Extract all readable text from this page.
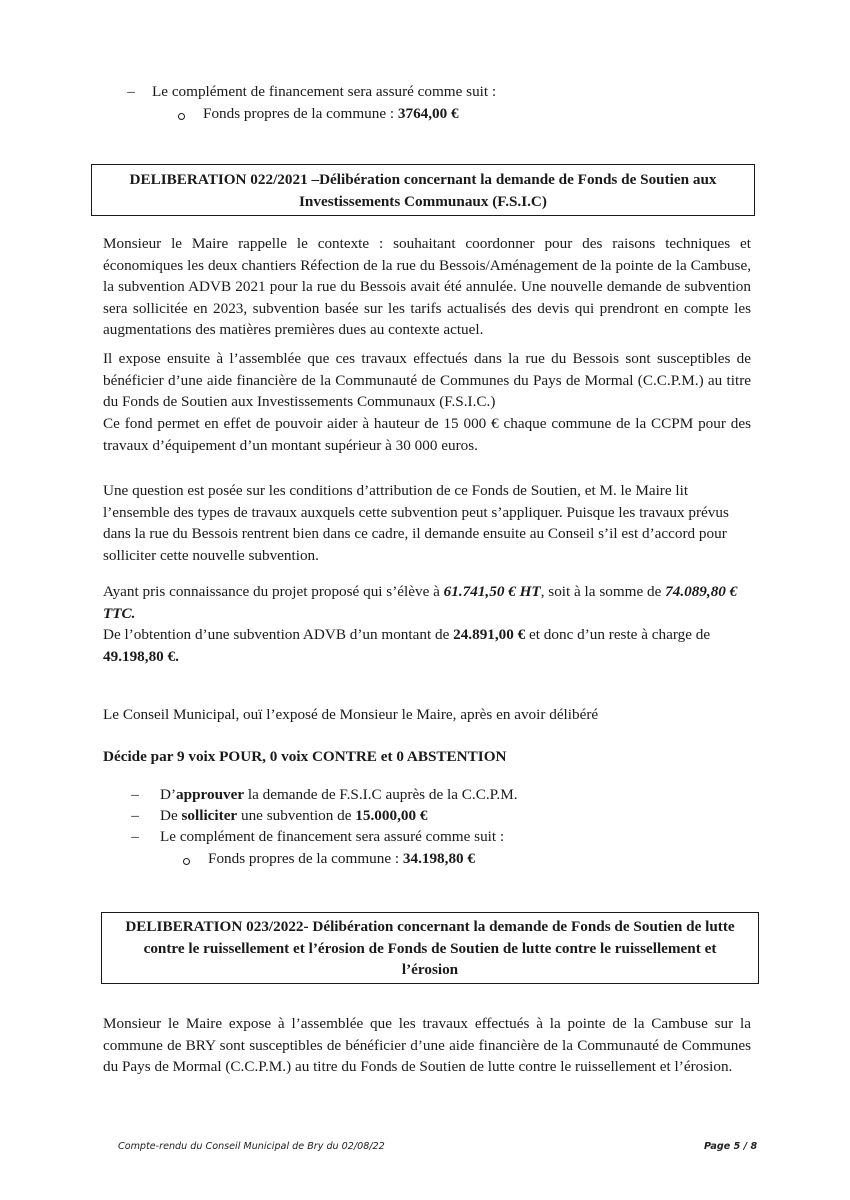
– Le complément de financement sera assuré comme suit :
Fonds propres de la commune : 3764,00 €
DELIBERATION 022/2021 –Délibération concernant la demande de Fonds de Soutien aux
Investissements Communaux (F.S.I.C)
Monsieur le Maire rappelle le contexte : souhaitant coordonner pour des raisons techniques et économiques les deux chantiers Réfection de la rue du Bessois/Aménagement de la pointe de la Cambuse, la subvention ADVB 2021 pour la rue du Bessois avait été annulée. Une nouvelle demande de subvention sera sollicitée en 2023, subvention basée sur les tarifs actualisés des devis qui prendront en compte les augmentations des matières premières dues au contexte actuel.
Il expose ensuite à l’assemblée que ces travaux effectués dans la rue du Bessois sont susceptibles de bénéficier d’une aide financière de la Communauté de Communes du Pays de Mormal (C.C.P.M.) au titre du Fonds de Soutien aux Investissements Communaux (F.S.I.C.)
Ce fond permet en effet de pouvoir aider à hauteur de 15 000 € chaque commune de la CCPM pour des travaux d’équipement d’un montant supérieur à 30 000 euros.
Une question est posée sur les conditions d’attribution de ce Fonds de Soutien, et M. le Maire lit l’ensemble des types de travaux auxquels cette subvention peut s’appliquer. Puisque les travaux prévus dans la rue du Bessois rentrent bien dans ce cadre, il demande ensuite au Conseil s’il est d’accord pour solliciter cette nouvelle subvention.
Ayant pris connaissance du projet proposé qui s’élève à 61.741,50 € HT, soit à la somme de 74.089,80 € TTC.
De l’obtention d’une subvention ADVB d’un montant de 24.891,00 € et donc d’un reste à charge de 49.198,80 €.
Le Conseil Municipal, ouï l’exposé de Monsieur le Maire, après en avoir délibéré
Décide par 9 voix POUR, 0 voix CONTRE et 0 ABSTENTION
– D’approuver la demande de F.S.I.C auprès de la C.C.P.M.
– De solliciter une subvention de 15.000,00 €
– Le complément de financement sera assuré comme suit :
Fonds propres de la commune : 34.198,80 €
DELIBERATION 023/2022- Délibération concernant la demande de Fonds de Soutien de lutte
contre le ruissellement et l’érosion de Fonds de Soutien de lutte contre le ruissellement et
l’érosion
Monsieur le Maire expose à l’assemblée que les travaux effectués à la pointe de la Cambuse sur la commune de BRY sont susceptibles de bénéficier d’une aide financière de la Communauté de Communes du Pays de Mormal (C.C.P.M.) au titre du Fonds de Soutien de lutte contre le ruissellement et l’érosion.
Compte-rendu du Conseil Municipal de Bry du 02/08/22	Page 5 / 8
